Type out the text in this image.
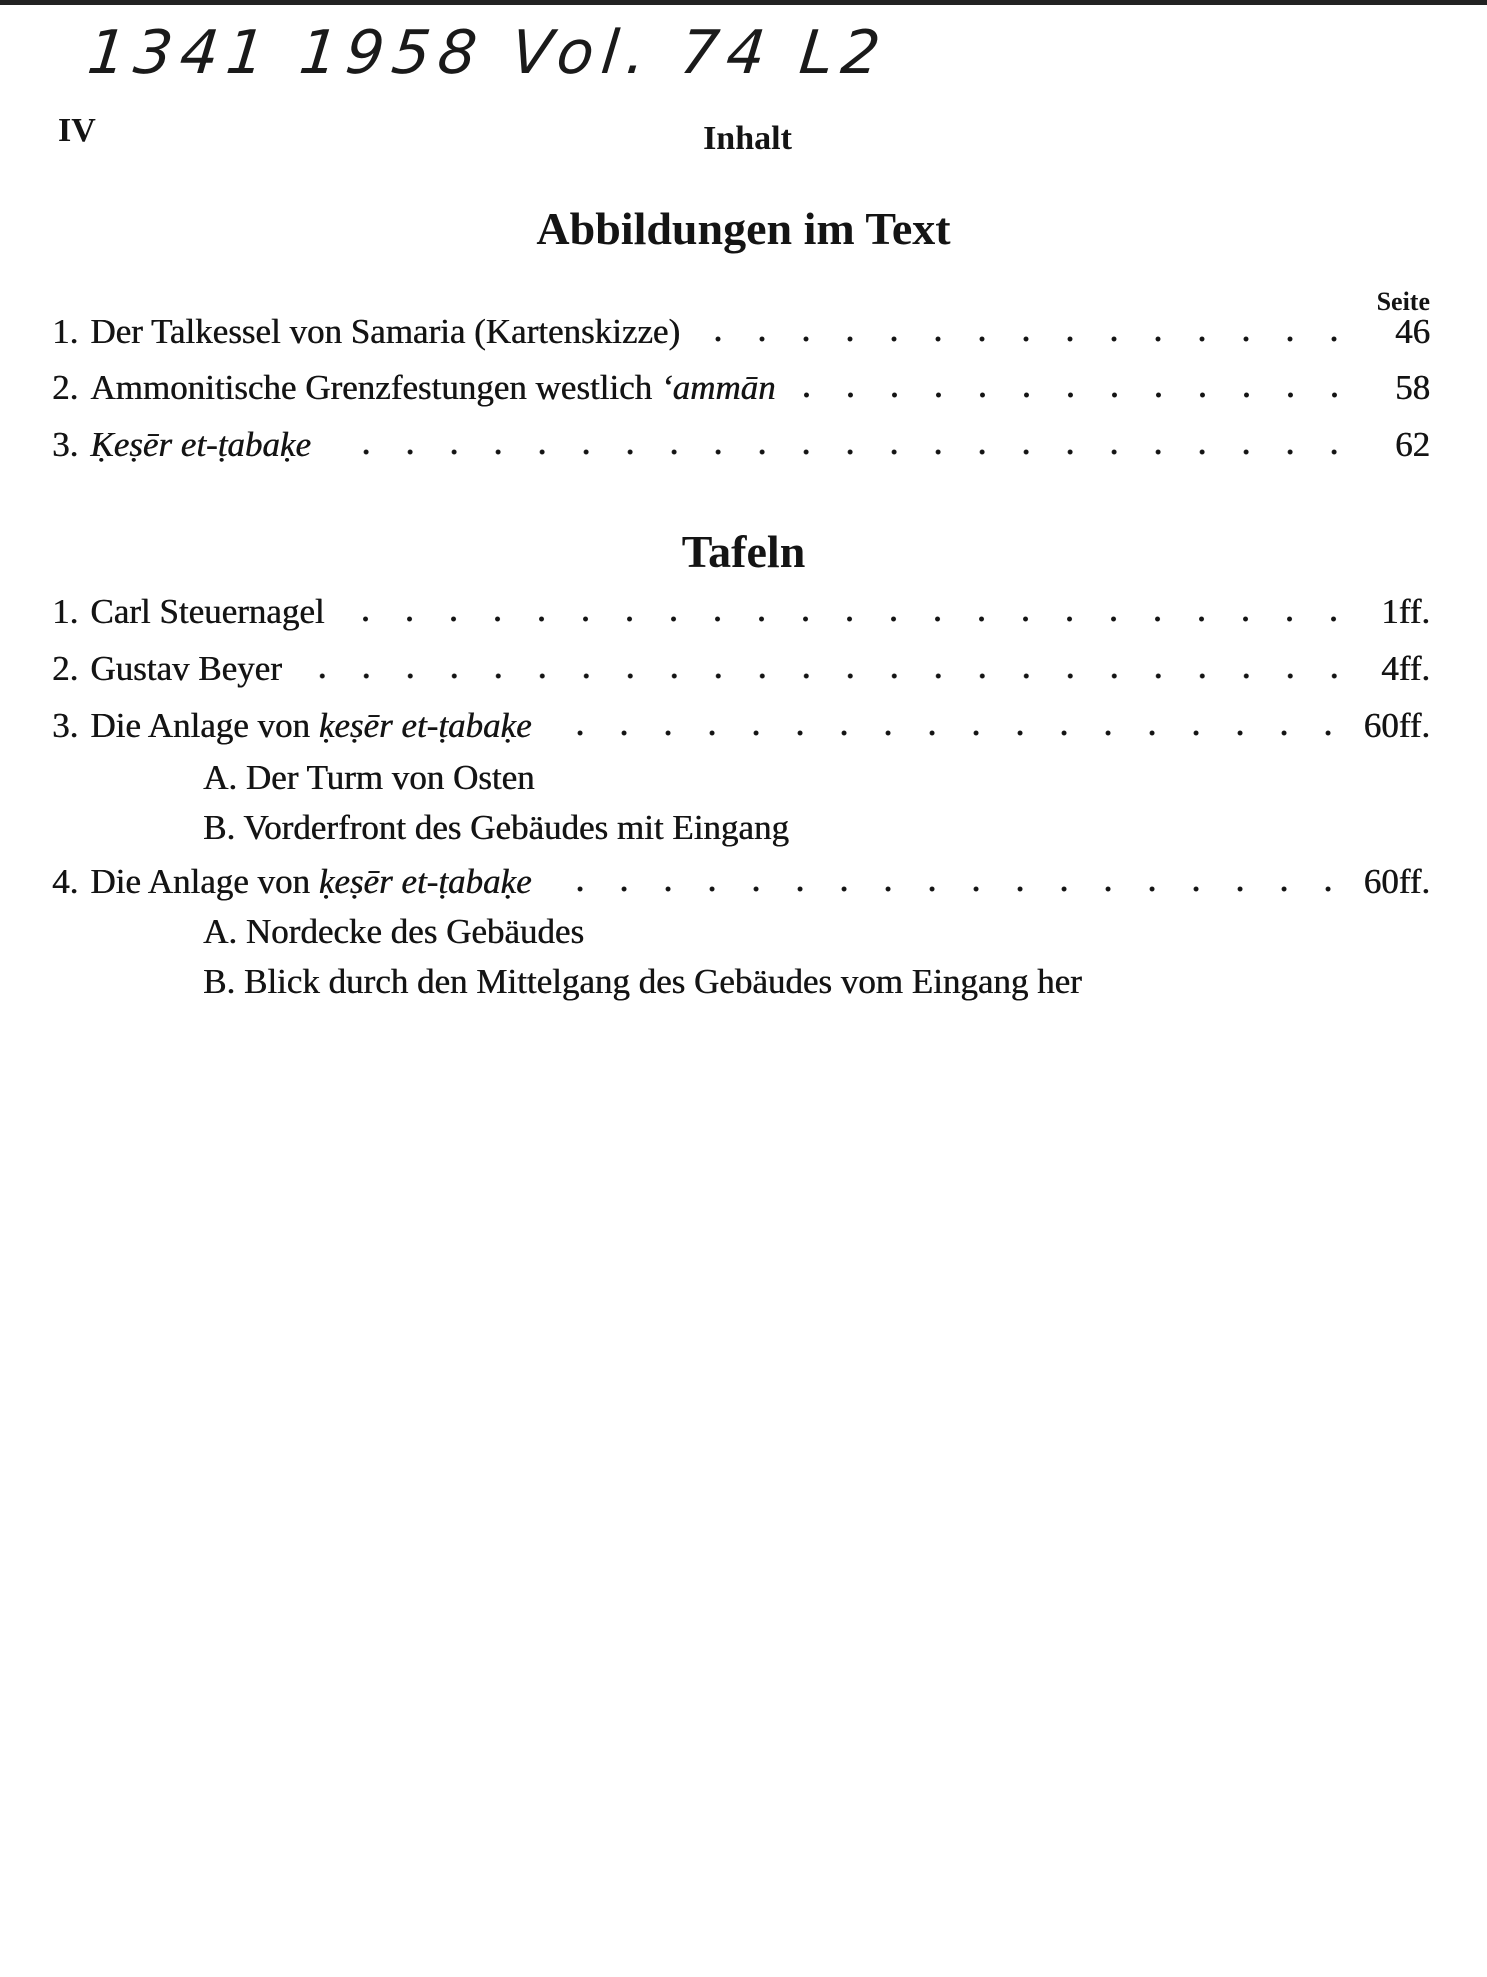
1341 1958 Vol. 74 L2
IV	Inhalt
Abbildungen im Text
Seite
1. Der Talkessel von Samaria (Kartenskizze)	46
2. Ammonitische Grenzfestungen westlich ‘ammān	58
3. Ḳeṣēr et-ṭabaḳe	62
Tafeln
1. Carl Steuernagel	1ff.
2. Gustav Beyer	4ff.
3. Die Anlage von ḳeṣēr et-ṭabaḳe	60ff.
A. Der Turm von Osten
B. Vorderfront des Gebäudes mit Eingang
4. Die Anlage von ḳeṣēr et-ṭabaḳe	60ff.
A. Nordecke des Gebäudes
B. Blick durch den Mittelgang des Gebäudes vom Eingang her
